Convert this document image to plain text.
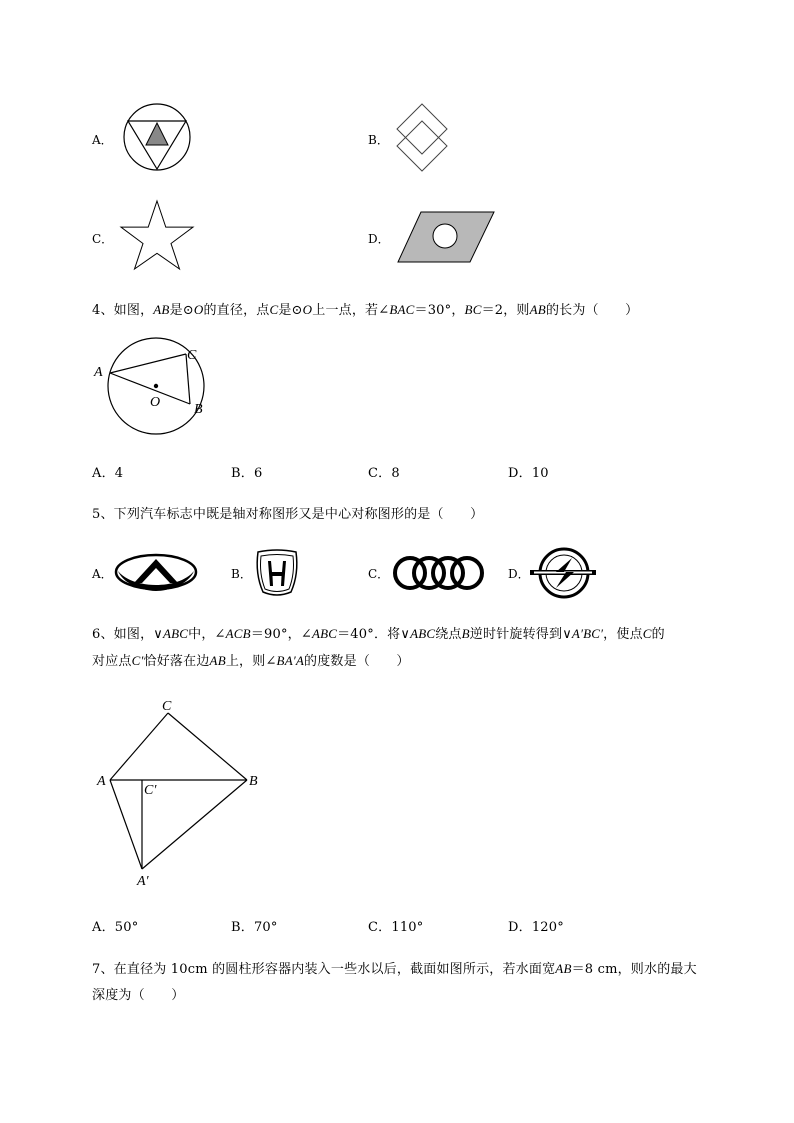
A．	B．
C．	D．
4、如图，AB是⊙O的直径，点C是⊙O上一点，若∠BAC＝30°，BC＝2，则AB的长为（　　）
A
C
O B
A．4	B．6	C．8	D．10
5、下列汽车标志中既是轴对称图形又是中心对称图形的是（　　）
A．	B．	C．	D．
6、如图，∨ABC中，∠ACB＝90°，∠ABC＝40°．将∨ABC绕点B逆时针旋转得到∨A′BC′，使点C的
对应点C′恰好落在边AB上，则∠BA′A的度数是（　　）
C
A	B
C′
A′
A．50°	B．70°	C．110°	D．120°
7、在直径为 10cm 的圆柱形容器内装入一些水以后，截面如图所示，若水面宽AB＝8 cm，则水的最大
深度为（　　）
